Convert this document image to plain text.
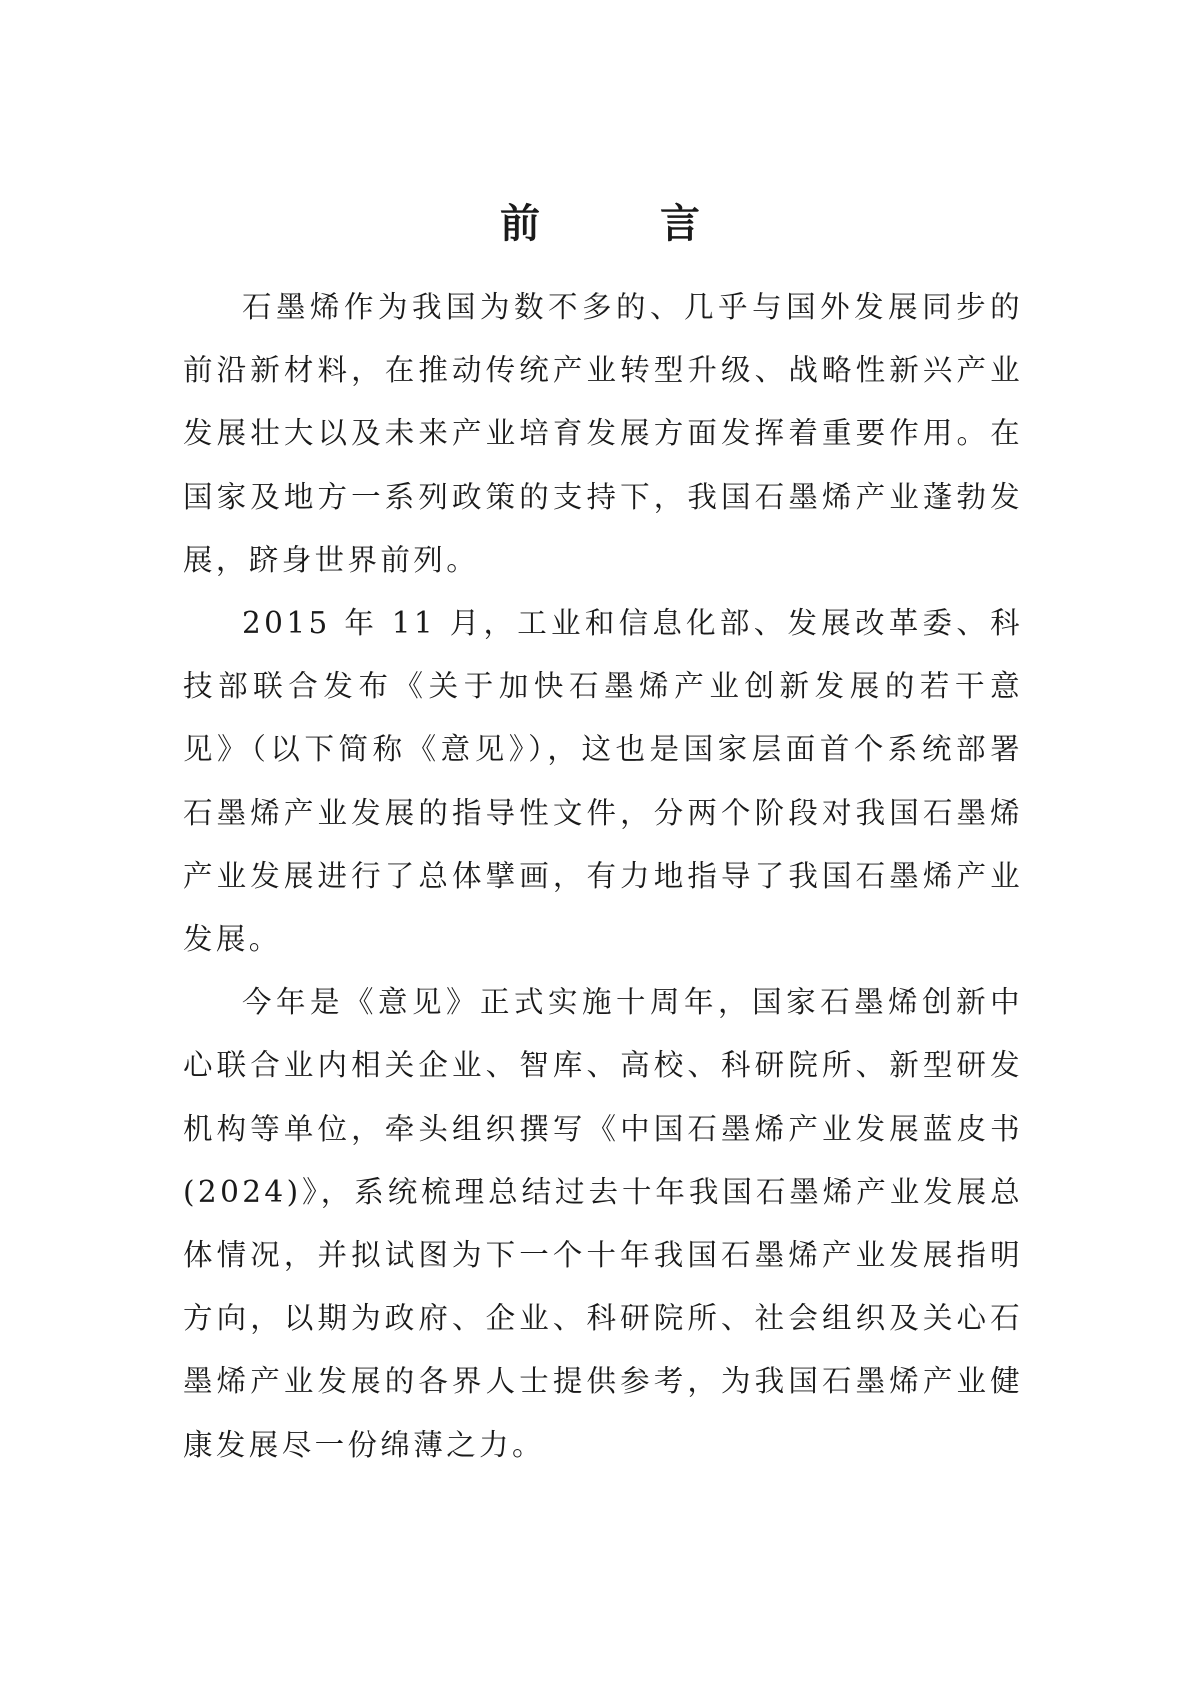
前　言

石墨烯作为我国为数不多的、几乎与国外发展同步的前沿新材料，在推动传统产业转型升级、战略性新兴产业发展壮大以及未来产业培育发展方面发挥着重要作用。在国家及地方一系列政策的支持下，我国石墨烯产业蓬勃发展，跻身世界前列。

2015 年 11 月，工业和信息化部、发展改革委、科技部联合发布《关于加快石墨烯产业创新发展的若干意见》（以下简称《意见》），这也是国家层面首个系统部署石墨烯产业发展的指导性文件，分两个阶段对我国石墨烯产业发展进行了总体擘画，有力地指导了我国石墨烯产业发展。

今年是《意见》正式实施十周年，国家石墨烯创新中心联合业内相关企业、智库、高校、科研院所、新型研发机构等单位，牵头组织撰写《中国石墨烯产业发展蓝皮书(2024)》，系统梳理总结过去十年我国石墨烯产业发展总体情况，并拟试图为下一个十年我国石墨烯产业发展指明方向，以期为政府、企业、科研院所、社会组织及关心石墨烯产业发展的各界人士提供参考，为我国石墨烯产业健康发展尽一份绵薄之力。
